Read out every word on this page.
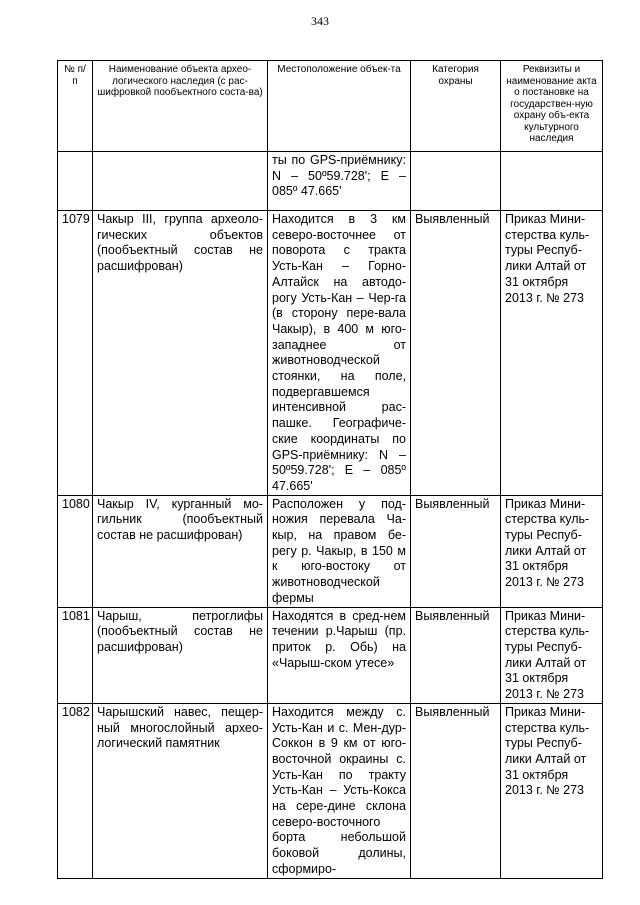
343
№ п/п	Наименование объекта архео-логического наследия (с рас-шифровкой пообъектного соста-ва)	Местоположение объек-та	Категория охраны	Реквизиты и наименование акта о постановке на государствен-ную охрану объ-екта культурного наследия
		ты по GPS-приёмнику: N – 50º59.728'; E – 085º 47.665'		
1079	Чакыр III, группа археоло-гических объектов (пообъектный состав не расшифрован)	Находится в 3 км северо-восточнее от поворота с тракта Усть-Кан – Горно-Алтайск на автодо-рогу Усть-Кан – Чер-га (в сторону пере-вала Чакыр), в 400 м юго-западнее от животноводческой стоянки, на поле, подвергавшемся интенсивной рас-пашке. Географиче-ские координаты по GPS-приёмнику: N – 50º59.728'; E – 085º 47.665'	Выявленный	Приказ Мини-стерства куль-туры Респуб-лики Алтай от 31 октября 2013 г. № 273
1080	Чакыр IV, курганный мо-гильник (пообъектный состав не расшифрован)	Расположен у под-ножия перевала Ча-кыр, на правом бе-регу р. Чакыр, в 150 м к юго-востоку от животноводческой фермы	Выявленный	Приказ Мини-стерства куль-туры Респуб-лики Алтай от 31 октября 2013 г. № 273
1081	Чарыш, петроглифы (пообъектный состав не расшифрован)	Находятся в сред-нем течении р.Чарыш (пр. приток р. Обь) на «Чарыш-ском утесе»	Выявленный	Приказ Мини-стерства куль-туры Респуб-лики Алтай от 31 октября 2013 г. № 273
1082	Чарышский навес, пещер-ный многослойный архео-логический памятник	Находится между с. Усть-Кан и с. Мен-дур-Соккон в 9 км от юго-восточной окраины с. Усть-Кан по тракту Усть-Кан – Усть-Кокса на сере-дине склона северо-восточного борта небольшой боковой долины, сформиро-	Выявленный	Приказ Мини-стерства куль-туры Респуб-лики Алтай от 31 октября 2013 г. № 273
